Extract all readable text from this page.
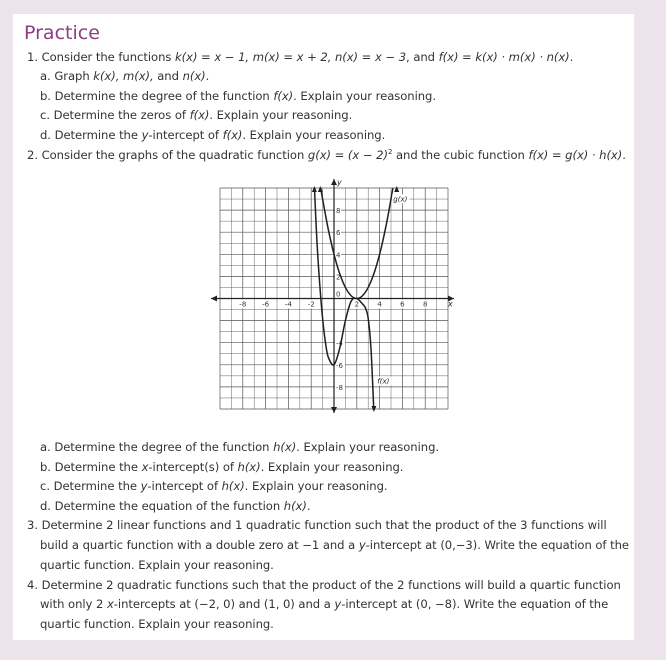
Practice
1. Consider the functions k(x) = x − 1, m(x) = x + 2, n(x) = x − 3, and f(x) = k(x) · m(x) · n(x).
a. Graph k(x), m(x), and n(x).
b. Determine the degree of the function f(x). Explain your reasoning.
c. Determine the zeros of f(x). Explain your reasoning.
d. Determine the y-intercept of f(x). Explain your reasoning.
2. Consider the graphs of the quadratic function $g(x) = (x - 2)^2$ and the cubic function f(x) = g(x) · h(x).
x
y
-8 -6 -4 -2	2	4	6	8
8
6
4
2
-4
-6
-8
0
g(x)
f(x)
a. Determine the degree of the function h(x). Explain your reasoning.
b. Determine the x-intercept(s) of h(x). Explain your reasoning.
c. Determine the y-intercept of h(x). Explain your reasoning.
d. Determine the equation of the function h(x).
3. Determine 2 linear functions and 1 quadratic function such that the product of the 3 functions will
build a quartic function with a double zero at −1 and a y-intercept at (0,−3). Write the equation of the
quartic function. Explain your reasoning.
4. Determine 2 quadratic functions such that the product of the 2 functions will build a quartic function
with only 2 x-intercepts at (−2, 0) and (1, 0) and a y-intercept at (0, −8). Write the equation of the
quartic function. Explain your reasoning.
